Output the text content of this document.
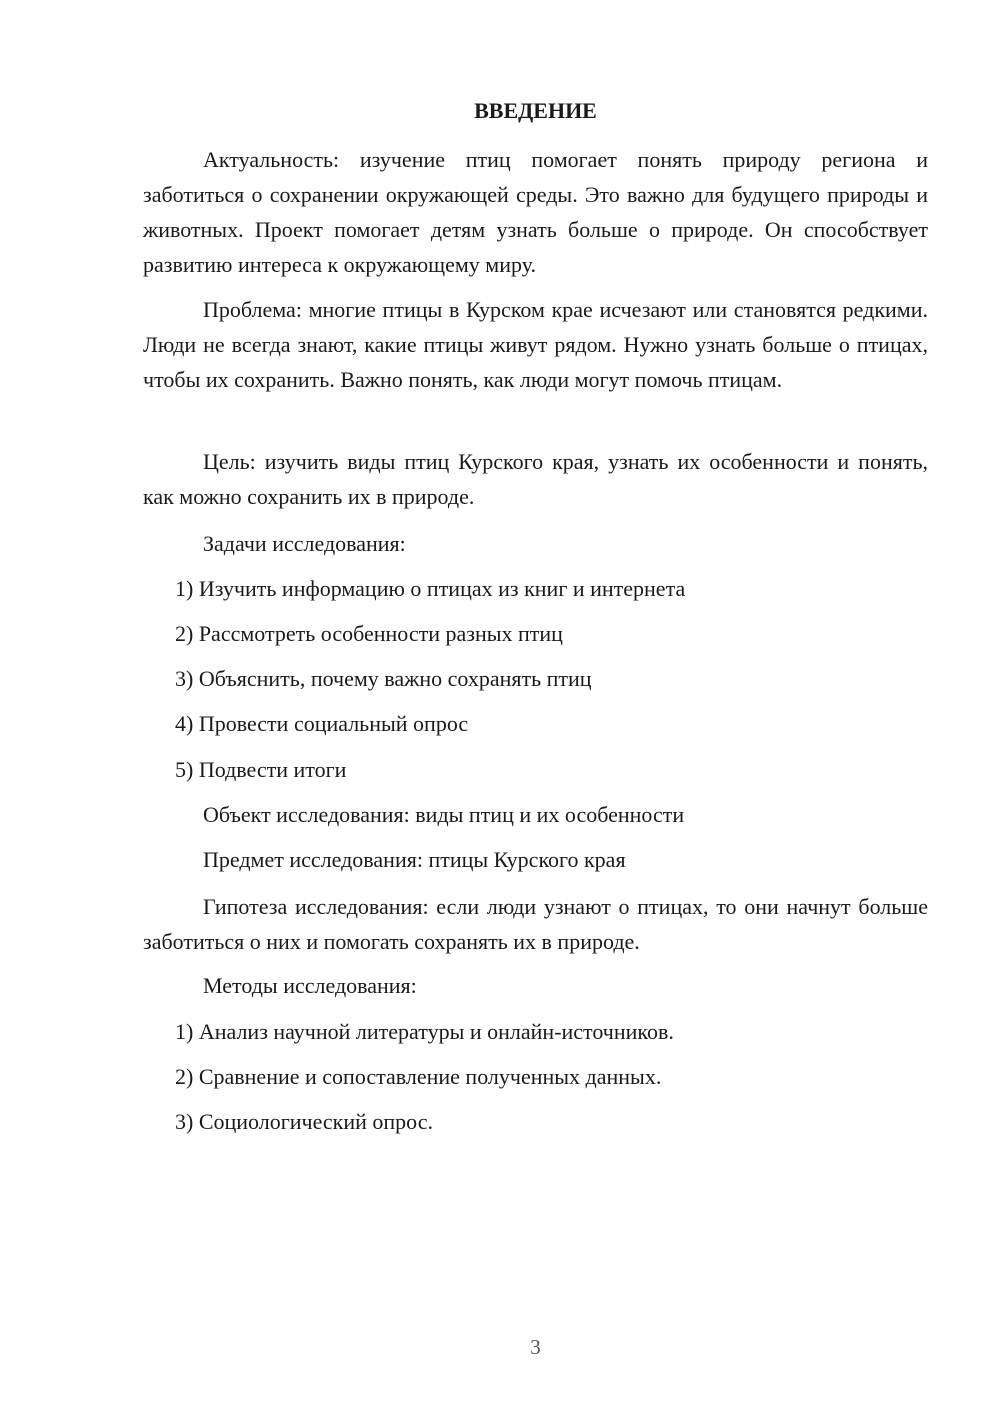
ВВЕДЕНИЕ

Актуальность: изучение птиц помогает понять природу региона и заботиться о сохранении окружающей среды. Это важно для будущего природы и животных. Проект помогает детям узнать больше о природе. Он способствует развитию интереса к окружающему миру.

Проблема: многие птицы в Курском крае исчезают или становятся редкими. Люди не всегда знают, какие птицы живут рядом. Нужно узнать больше о птицах, чтобы их сохранить. Важно понять, как люди могут помочь птицам.

Цель: изучить виды птиц Курского края, узнать их особенности и понять, как можно сохранить их в природе.

Задачи исследования:

1) Изучить информацию о птицах из книг и интернета

2) Рассмотреть особенности разных птиц

3) Объяснить, почему важно сохранять птиц

4) Провести социальный опрос

5) Подвести итоги

Объект исследования: виды птиц и их особенности

Предмет исследования: птицы Курского края

Гипотеза исследования: если люди узнают о птицах, то они начнут больше заботиться о них и помогать сохранять их в природе.

Методы исследования:

1) Анализ научной литературы и онлайн-источников.

2) Сравнение и сопоставление полученных данных.

3) Социологический опрос.

3
